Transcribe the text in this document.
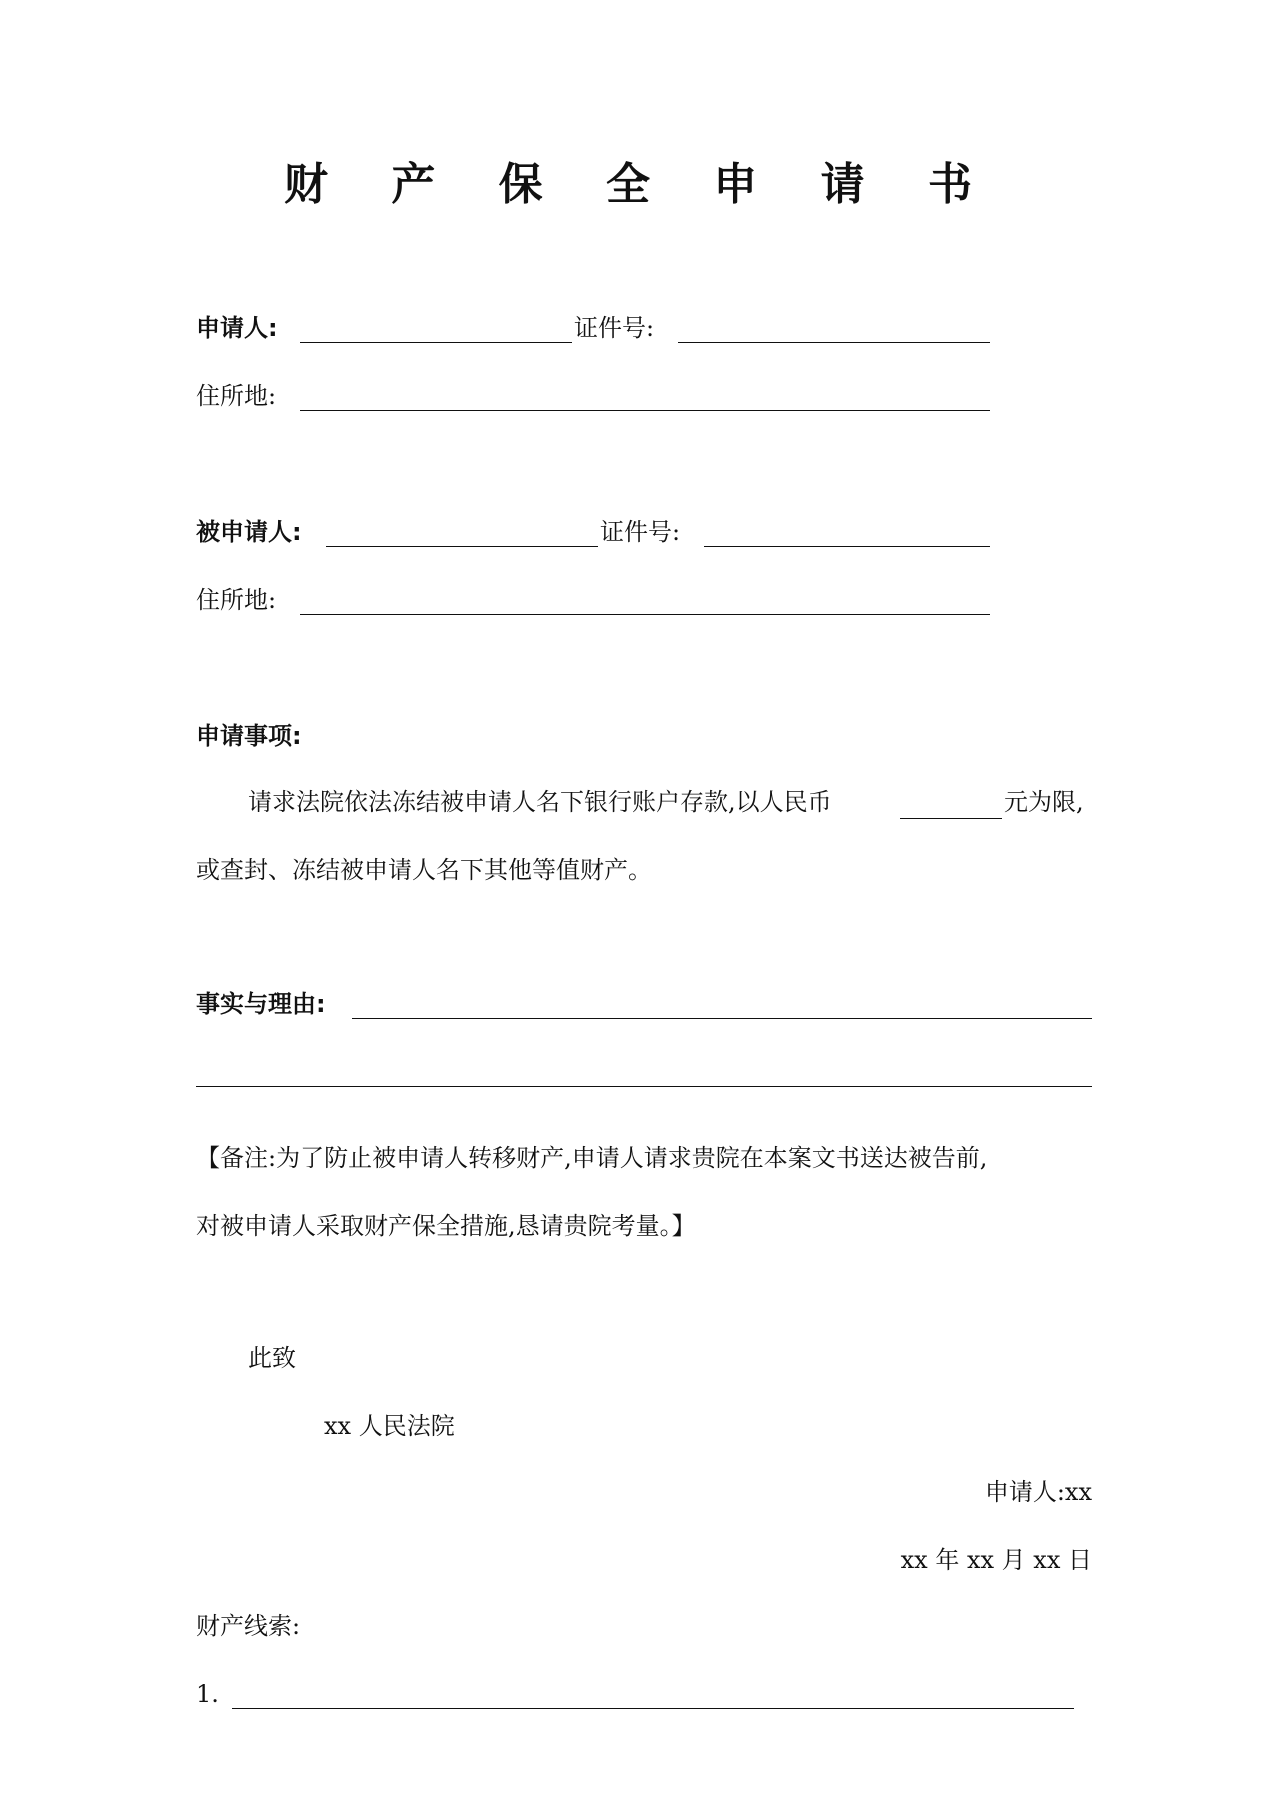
财 产 保 全 申 请 书
申请人:	证件号:
住所地:
被申请人:	证件号:
住所地:
申请事项:
请求法院依法冻结被申请人名下银行账户存款,以人民币	元为限,
或查封、冻结被申请人名下其他等值财产。
事实与理由:
【备注:为了防止被申请人转移财产,申请人请求贵院在本案文书送达被告前,
对被申请人采取财产保全措施,恳请贵院考量。】
此致
xx 人民法院
申请人:xx
xx 年 xx 月 xx 日
财产线索:
1.
